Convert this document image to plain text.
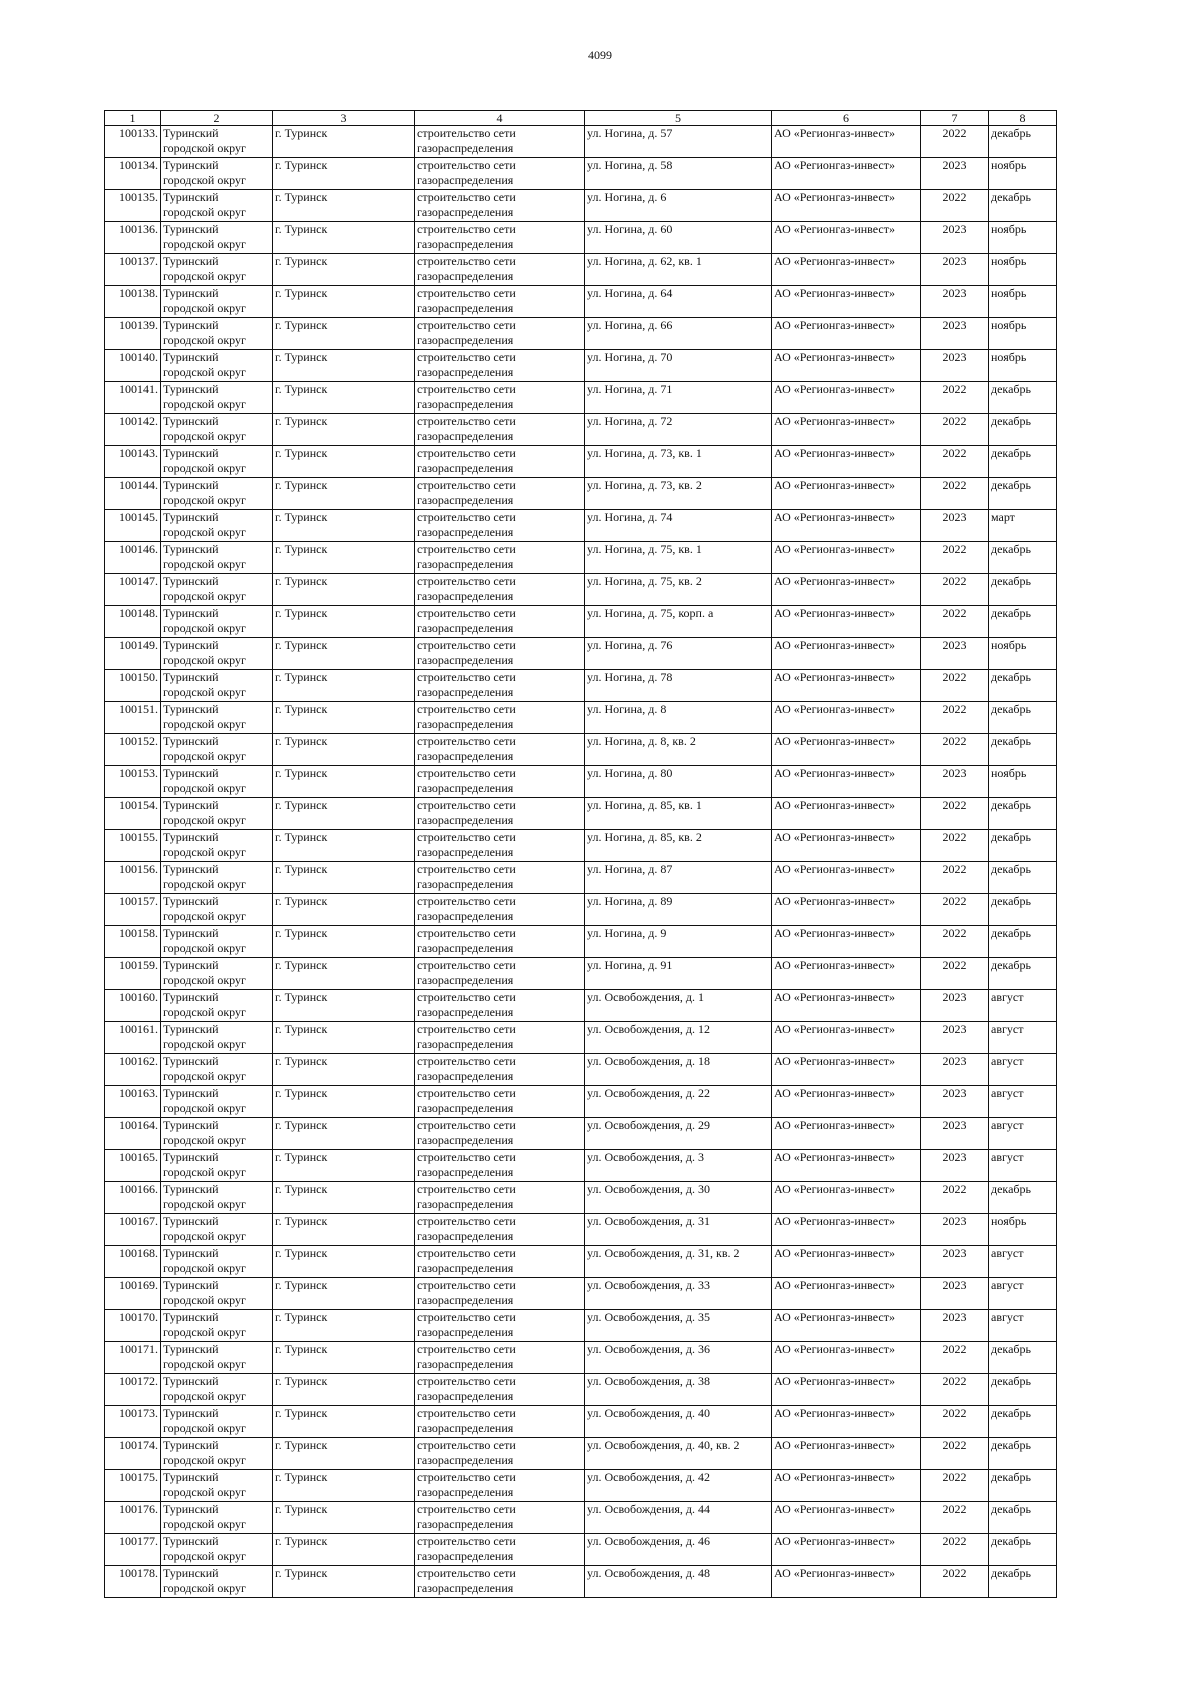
4099
1	2	3	4	5	6	7	8
100133.	Туринский городской округ	г. Туринск	строительство сети газораспределения	ул. Ногина, д. 57	АО «Регионгаз-инвест»	2022	декабрь
100134.	Туринский городской округ	г. Туринск	строительство сети газораспределения	ул. Ногина, д. 58	АО «Регионгаз-инвест»	2023	ноябрь
100135.	Туринский городской округ	г. Туринск	строительство сети газораспределения	ул. Ногина, д. 6	АО «Регионгаз-инвест»	2022	декабрь
100136.	Туринский городской округ	г. Туринск	строительство сети газораспределения	ул. Ногина, д. 60	АО «Регионгаз-инвест»	2023	ноябрь
100137.	Туринский городской округ	г. Туринск	строительство сети газораспределения	ул. Ногина, д. 62, кв. 1	АО «Регионгаз-инвест»	2023	ноябрь
100138.	Туринский городской округ	г. Туринск	строительство сети газораспределения	ул. Ногина, д. 64	АО «Регионгаз-инвест»	2023	ноябрь
100139.	Туринский городской округ	г. Туринск	строительство сети газораспределения	ул. Ногина, д. 66	АО «Регионгаз-инвест»	2023	ноябрь
100140.	Туринский городской округ	г. Туринск	строительство сети газораспределения	ул. Ногина, д. 70	АО «Регионгаз-инвест»	2023	ноябрь
100141.	Туринский городской округ	г. Туринск	строительство сети газораспределения	ул. Ногина, д. 71	АО «Регионгаз-инвест»	2022	декабрь
100142.	Туринский городской округ	г. Туринск	строительство сети газораспределения	ул. Ногина, д. 72	АО «Регионгаз-инвест»	2022	декабрь
100143.	Туринский городской округ	г. Туринск	строительство сети газораспределения	ул. Ногина, д. 73, кв. 1	АО «Регионгаз-инвест»	2022	декабрь
100144.	Туринский городской округ	г. Туринск	строительство сети газораспределения	ул. Ногина, д. 73, кв. 2	АО «Регионгаз-инвест»	2022	декабрь
100145.	Туринский городской округ	г. Туринск	строительство сети газораспределения	ул. Ногина, д. 74	АО «Регионгаз-инвест»	2023	март
100146.	Туринский городской округ	г. Туринск	строительство сети газораспределения	ул. Ногина, д. 75, кв. 1	АО «Регионгаз-инвест»	2022	декабрь
100147.	Туринский городской округ	г. Туринск	строительство сети газораспределения	ул. Ногина, д. 75, кв. 2	АО «Регионгаз-инвест»	2022	декабрь
100148.	Туринский городской округ	г. Туринск	строительство сети газораспределения	ул. Ногина, д. 75, корп. а	АО «Регионгаз-инвест»	2022	декабрь
100149.	Туринский городской округ	г. Туринск	строительство сети газораспределения	ул. Ногина, д. 76	АО «Регионгаз-инвест»	2023	ноябрь
100150.	Туринский городской округ	г. Туринск	строительство сети газораспределения	ул. Ногина, д. 78	АО «Регионгаз-инвест»	2022	декабрь
100151.	Туринский городской округ	г. Туринск	строительство сети газораспределения	ул. Ногина, д. 8	АО «Регионгаз-инвест»	2022	декабрь
100152.	Туринский городской округ	г. Туринск	строительство сети газораспределения	ул. Ногина, д. 8, кв. 2	АО «Регионгаз-инвест»	2022	декабрь
100153.	Туринский городской округ	г. Туринск	строительство сети газораспределения	ул. Ногина, д. 80	АО «Регионгаз-инвест»	2023	ноябрь
100154.	Туринский городской округ	г. Туринск	строительство сети газораспределения	ул. Ногина, д. 85, кв. 1	АО «Регионгаз-инвест»	2022	декабрь
100155.	Туринский городской округ	г. Туринск	строительство сети газораспределения	ул. Ногина, д. 85, кв. 2	АО «Регионгаз-инвест»	2022	декабрь
100156.	Туринский городской округ	г. Туринск	строительство сети газораспределения	ул. Ногина, д. 87	АО «Регионгаз-инвест»	2022	декабрь
100157.	Туринский городской округ	г. Туринск	строительство сети газораспределения	ул. Ногина, д. 89	АО «Регионгаз-инвест»	2022	декабрь
100158.	Туринский городской округ	г. Туринск	строительство сети газораспределения	ул. Ногина, д. 9	АО «Регионгаз-инвест»	2022	декабрь
100159.	Туринский городской округ	г. Туринск	строительство сети газораспределения	ул. Ногина, д. 91	АО «Регионгаз-инвест»	2022	декабрь
100160.	Туринский городской округ	г. Туринск	строительство сети газораспределения	ул. Освобождения, д. 1	АО «Регионгаз-инвест»	2023	август
100161.	Туринский городской округ	г. Туринск	строительство сети газораспределения	ул. Освобождения, д. 12	АО «Регионгаз-инвест»	2023	август
100162.	Туринский городской округ	г. Туринск	строительство сети газораспределения	ул. Освобождения, д. 18	АО «Регионгаз-инвест»	2023	август
100163.	Туринский городской округ	г. Туринск	строительство сети газораспределения	ул. Освобождения, д. 22	АО «Регионгаз-инвест»	2023	август
100164.	Туринский городской округ	г. Туринск	строительство сети газораспределения	ул. Освобождения, д. 29	АО «Регионгаз-инвест»	2023	август
100165.	Туринский городской округ	г. Туринск	строительство сети газораспределения	ул. Освобождения, д. 3	АО «Регионгаз-инвест»	2023	август
100166.	Туринский городской округ	г. Туринск	строительство сети газораспределения	ул. Освобождения, д. 30	АО «Регионгаз-инвест»	2022	декабрь
100167.	Туринский городской округ	г. Туринск	строительство сети газораспределения	ул. Освобождения, д. 31	АО «Регионгаз-инвест»	2023	ноябрь
100168.	Туринский городской округ	г. Туринск	строительство сети газораспределения	ул. Освобождения, д. 31, кв. 2	АО «Регионгаз-инвест»	2023	август
100169.	Туринский городской округ	г. Туринск	строительство сети газораспределения	ул. Освобождения, д. 33	АО «Регионгаз-инвест»	2023	август
100170.	Туринский городской округ	г. Туринск	строительство сети газораспределения	ул. Освобождения, д. 35	АО «Регионгаз-инвест»	2023	август
100171.	Туринский городской округ	г. Туринск	строительство сети газораспределения	ул. Освобождения, д. 36	АО «Регионгаз-инвест»	2022	декабрь
100172.	Туринский городской округ	г. Туринск	строительство сети газораспределения	ул. Освобождения, д. 38	АО «Регионгаз-инвест»	2022	декабрь
100173.	Туринский городской округ	г. Туринск	строительство сети газораспределения	ул. Освобождения, д. 40	АО «Регионгаз-инвест»	2022	декабрь
100174.	Туринский городской округ	г. Туринск	строительство сети газораспределения	ул. Освобождения, д. 40, кв. 2	АО «Регионгаз-инвест»	2022	декабрь
100175.	Туринский городской округ	г. Туринск	строительство сети газораспределения	ул. Освобождения, д. 42	АО «Регионгаз-инвест»	2022	декабрь
100176.	Туринский городской округ	г. Туринск	строительство сети газораспределения	ул. Освобождения, д. 44	АО «Регионгаз-инвест»	2022	декабрь
100177.	Туринский городской округ	г. Туринск	строительство сети газораспределения	ул. Освобождения, д. 46	АО «Регионгаз-инвест»	2022	декабрь
100178.	Туринский городской округ	г. Туринск	строительство сети газораспределения	ул. Освобождения, д. 48	АО «Регионгаз-инвест»	2022	декабрь
